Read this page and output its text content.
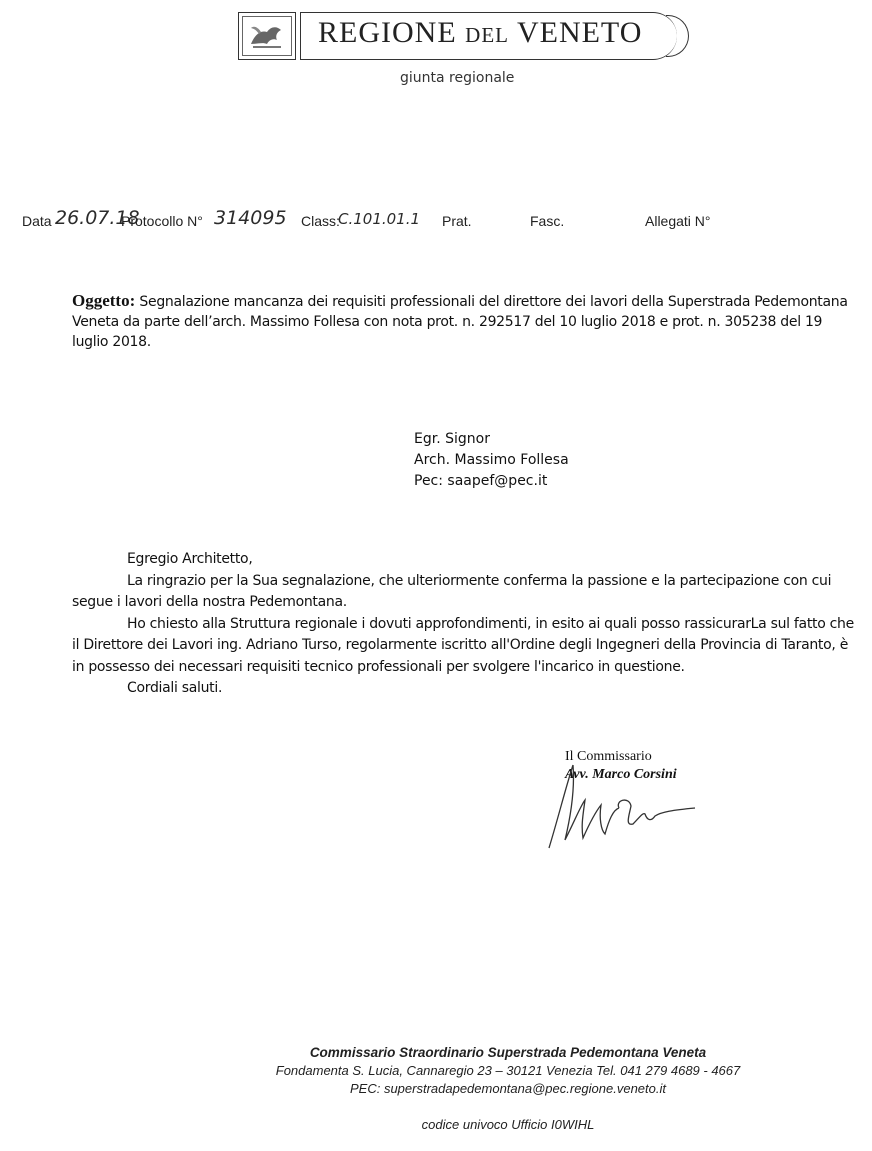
REGIONE DEL VENETO
giunta regionale
Data 26.07.18
Protocollo N° 314095 Class:
C.101.01.1 Prat.	Fasc.	Allegati N°
Oggetto: Segnalazione mancanza dei requisiti professionali del direttore dei lavori della Superstrada Pedemontana Veneta da parte dell’arch. Massimo Follesa con nota prot. n. 292517 del 10 luglio 2018 e prot. n. 305238 del 19 luglio 2018.
Egr. Signor
Arch. Massimo Follesa
Pec: saapef@pec.it

Egregio Architetto,

La ringrazio per la Sua segnalazione, che ulteriormente conferma la passione e la partecipazione con cui segue i lavori della nostra Pedemontana.

Ho chiesto alla Struttura regionale i dovuti approfondimenti, in esito ai quali posso rassicurarLa sul fatto che il Direttore dei Lavori ing. Adriano Turso, regolarmente iscritto all'Ordine degli Ingegneri della Provincia di Taranto, è in possesso dei necessari requisiti tecnico professionali per svolgere l'incarico in questione.

Cordiali saluti.

Il Commissario
Avv. Marco Corsini
Commissario Straordinario Superstrada Pedemontana Veneta
Fondamenta S. Lucia, Cannaregio 23 – 30121 Venezia Tel. 041 279 4689 - 4667
PEC: superstradapedemontana@pec.regione.veneto.it
codice univoco Ufficio I0WIHL
